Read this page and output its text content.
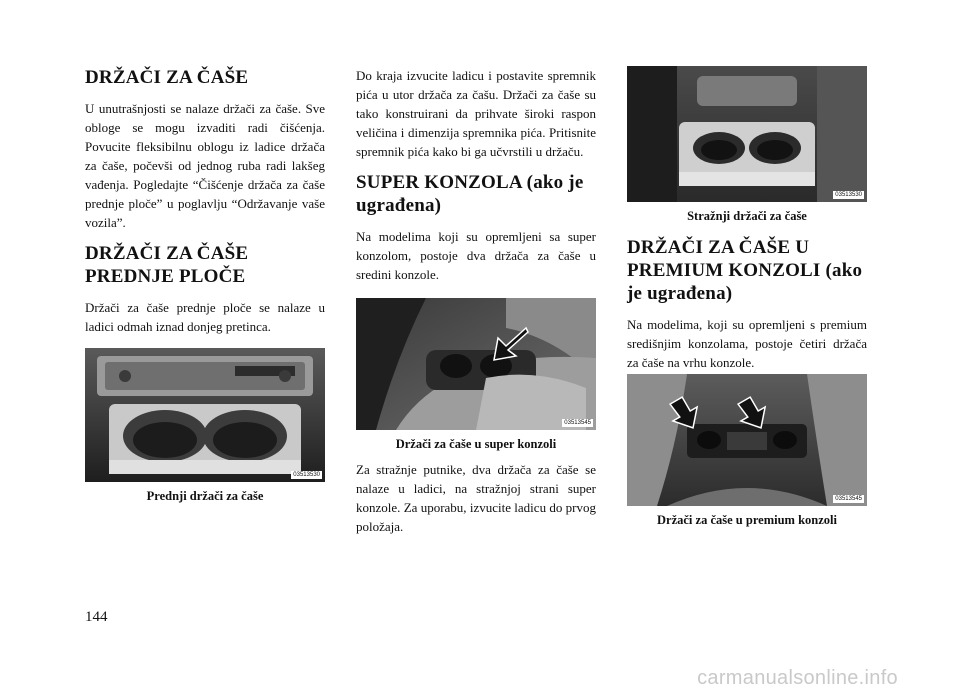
DRŽAČI ZA ČAŠE

U unutrašnjosti se nalaze držači za čaše. Sve obloge se mogu izvaditi radi čišćenja. Povucite fleksibilnu oblogu iz ladice držača za čaše, počevši od jednog ruba radi lakšeg vađenja. Pogledajte “Čišćenje držača za čaše prednje ploče” u poglavlju “Održavanje vaše vozila”.

DRŽAČI ZA ČAŠE PREDNJE PLOČE

Držači za čaše prednje ploče se nalaze u ladici odmah iznad donjeg pretinca.

03513530
Prednji držači za čaše

Do kraja izvucite ladicu i postavite spremnik pića u utor držača za čašu. Držači za čaše su tako konstruirani da prihvate široki raspon veličina i dimenzija spremnika pića. Pritisnite spremnik pića kako bi ga učvrstili u držaču.

SUPER KONZOLA (ako je ugrađena)

Na modelima koji su opremljeni sa super konzolom, postoje dva držača za čaše u sredini konzole.

03513545
Držači za čaše u super konzoli

Za stražnje putnike, dva držača za čaše se nalaze u ladici, na stražnjoj strani super konzole. Za uporabu, izvucite ladicu do prvog položaja.

03513530
Stražnji držači za čaše
DRŽAČI ZA ČAŠE U PREMIUM KONZOLI (ako je ugrađena)

Na modelima, koji su opremljeni s premium središnjim konzolama, postoje četiri držača za čaše na vrhu konzole.

03513545
Držači za čaše u premium konzoli
144
carmanualsonline.info
